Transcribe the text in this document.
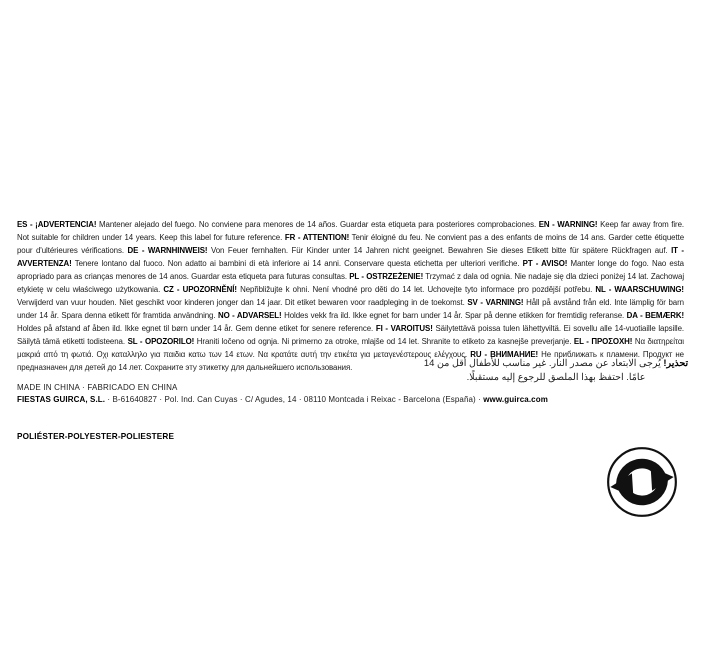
ES - ¡ADVERTENCIA! Mantener alejado del fuego. No conviene para menores de 14 años. Guardar esta etiqueta para posteriores comprobaciones. EN - WARNING! Keep far away from fire. Not suitable for children under 14 years. Keep this label for future reference. FR - ATTENTION! Tenir éloigné du feu. Ne convient pas a des enfants de moins de 14 ans. Garder cette étiquette pour d'ultérieures vérifications. DE - WARNHINWEIS! Von Feuer fernhalten. Für Kinder unter 14 Jahren nicht geeignet. Bewahren Sie dieses Etikett bitte für spätere Rückfragen auf. IT - AVVERTENZA! Tenere lontano dal fuoco. Non adatto ai bambini di età inferiore ai 14 anni. Conservare questa etichetta per ulteriori verifiche. PT - AVISO! Manter longe do fogo. Nao esta apropriado para as crianças menores de 14 anos. Guardar esta etiqueta para futuras consultas. PL - OSTRZEŻENIE! Trzymać z dala od ognia. Nie nadaje się dla dzieci poniżej 14 lat. Zachowaj etykietę w celu właściwego użytkowania. CZ - UPOZORNĚNÍ! Nepřibližujte k ohni. Není vhodné pro děti do 14 let. Uchovejte tyto informace pro pozdější potřebu. NL - WAARSCHUWING! Verwijderd van vuur houden. Niet geschikt voor kinderen jonger dan 14 jaar. Dit etiket bewaren voor raadpleging in de toekomst. SV - VARNING! Håll på avstånd från eld. Inte lämplig för barn under 14 år. Spara denna etikett för framtida användning. NO - ADVARSEL! Holdes vekk fra ild. Ikke egnet for barn under 14 år. Spar på denne etikken for fremtidig referanse. DA - BEMÆRK! Holdes på afstand af åben ild. Ikke egnet til børn under 14 år. Gem denne etiket for senere reference. FI - VAROITUS! Säilytettävä poissa tulen lähettyviltä. Ei sovellu alle 14-vuotiaille lapsille. Säilytä tämä etiketti todisteena. SL - OPOZORILO! Hraniti ločeno od ognja. Ni primerno za otroke, mlajše od 14 let. Shranite to etiketo za kasnejše preverjanje. EL - ΠΡΟΣΟΧΗ! Να διατηρείται μακριά από τη φωτιά. Οχι καταλληλο για παιδια κατω των 14 ετων. Να κρατάτε αυτή την ετικέτα για μεταγενέστερους ελέγχους. RU - ВНИМАНИЕ! Не приближать к пламени. Продукт не предназначен для детей до 14 лет. Сохраните эту этикетку для дальнейшего использования.	تحذير! يُرجى الابتعاد عن مصدر النار. غير مناسب للأطفال أقل من 14 عامًا. احتفظ بهذا الملصق للرجوع إليه مستقبلًا.
MADE IN CHINA · FABRICADO EN CHINA
FIESTAS GUIRCA, S.L. · B-61640827 · Pol. Ind. Can Cuyas · C/ Agudes, 14 · 08110 Montcada i Reixac - Barcelona (España) · www.guirca.com
POLIÉSTER-POLYESTER-POLIESTERE
